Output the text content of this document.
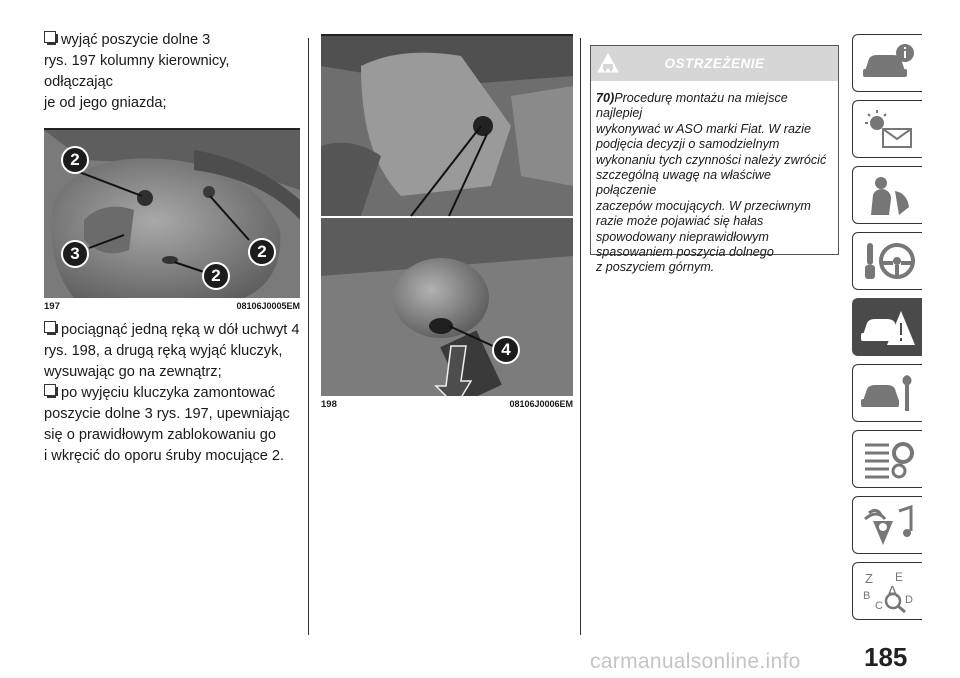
wyjąć poszycie dolne 3
rys. 197 kolumny kierownicy, odłączając
je od jego gniazda;

2
3	2
2
197	08106J0005EM

pociągnąć jedną ręką w dół uchwyt 4
rys. 198, a drugą ręką wyjąć kluczyk,
wysuwając go na zewnątrz;

po wyjęciu kluczyka zamontować
poszycie dolne 3 rys. 197, upewniając
się o prawidłowym zablokowaniu go
i wkręcić do oporu śruby mocujące 2.

4
198	08106J0006EM
OSTRZEŻENIE
70)Procedurę montażu na miejsce najlepiej
wykonywać w ASO marki Fiat. W razie
podjęcia decyzji o samodzielnym
wykonaniu tych czynności należy zwrócić
szczególną uwagę na właściwe połączenie
zaczepów mocujących. W przeciwnym
razie może pojawiać się hałas
spowodowany nieprawidłowym
spasowaniem poszycia dolnego
z poszyciem górnym.
Z E
B A D
C
185
carmanualsonline.info
